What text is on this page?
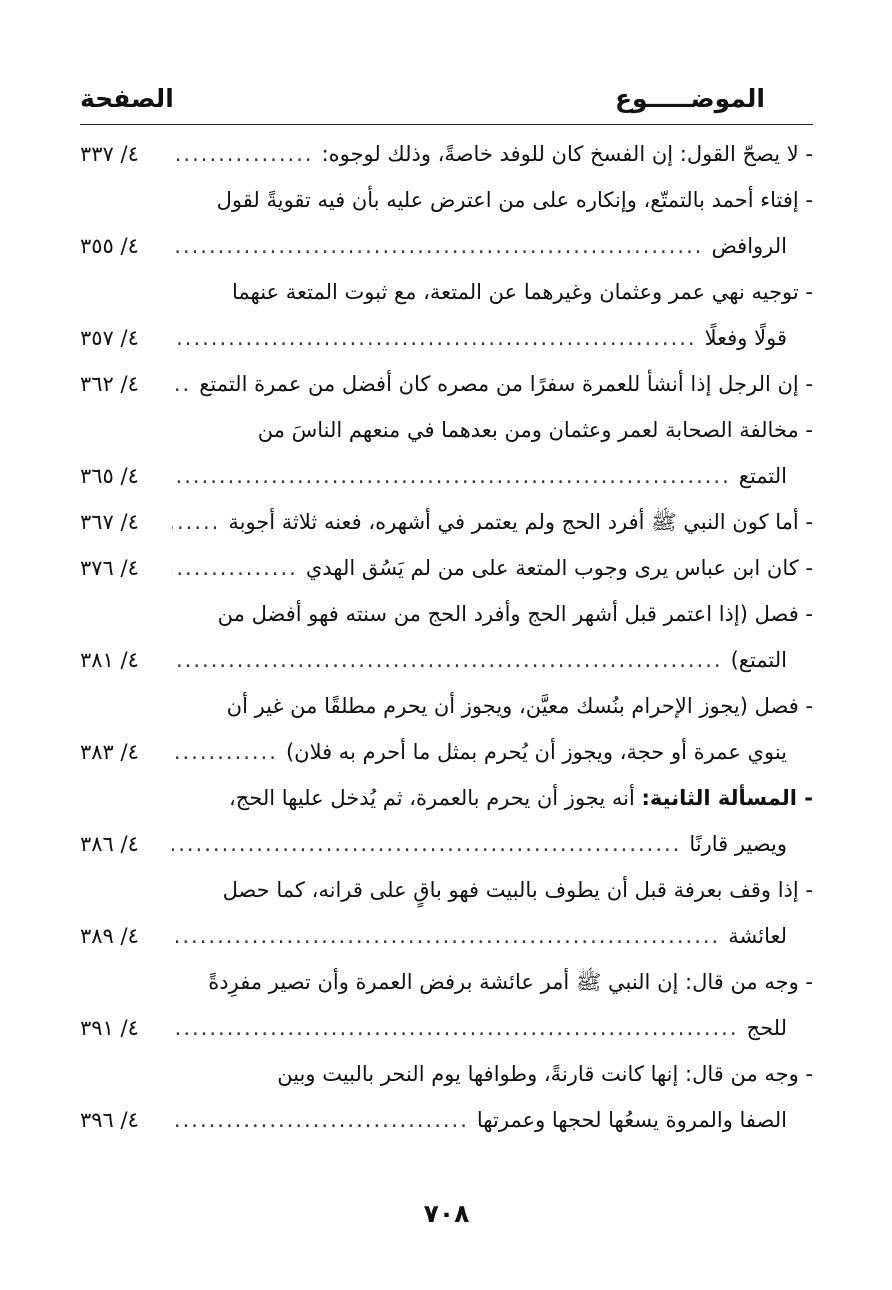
الموضـــــوع
الصفحة
- لا يصحّ القول: إن الفسخ كان للوفد خاصةً، وذلك لوجوه:
٤/ ٣٣٧
.....
- إفتاء أحمد بالتمتّع، وإنكاره على من اعترض عليه بأن فيه تقويةً لقول
الروافض
٤/ ٣٥٥
.....
- توجيه نهي عمر وعثمان وغيرهما عن المتعة، مع ثبوت المتعة عنهما
قولًا وفعلًا
٤/ ٣٥٧
.....
- إن الرجل إذا أنشأ للعمرة سفرًا من مصره كان أفضل من عمرة التمتع
٤/ ٣٦٢
.....
- مخالفة الصحابة لعمر وعثمان ومن بعدهما في منعهم الناسَ من
التمتع
٤/ ٣٦٥
.....
- أما كون النبي ﷺ أفرد الحج ولم يعتمر في أشهره، فعنه ثلاثة أجوبة
٤/ ٣٦٧
.....
- كان ابن عباس يرى وجوب المتعة على من لم يَسُق الهدي
٤/ ٣٧٦
.....
- فصل (إذا اعتمر قبل أشهر الحج وأفرد الحج من سنته فهو أفضل من
التمتع)
٤/ ٣٨١
.....
- فصل (يجوز الإحرام بنُسك معيَّن، ويجوز أن يحرم مطلقًا من غير أن
ينوي عمرة أو حجة، ويجوز أن يُحرم بمثل ما أحرم به فلان)
٤/ ٣٨٣
.....
- المسألة الثانية: أنه يجوز أن يحرم بالعمرة، ثم يُدخل عليها الحج،
ويصير قارنًا
٤/ ٣٨٦
.....
- إذا وقف بعرفة قبل أن يطوف بالبيت فهو باقٍ على قرانه، كما حصل
لعائشة
٤/ ٣٨٩
.....
- وجه من قال: إن النبي ﷺ أمر عائشة برفض العمرة وأن تصير مفرِدةً
للحج
٤/ ٣٩١
.....
- وجه من قال: إنها كانت قارنةً، وطوافها يوم النحر بالبيت وبين
الصفا والمروة يسعُها لحجها وعمرتها
٤/ ٣٩٦
.....
٧٠٨
